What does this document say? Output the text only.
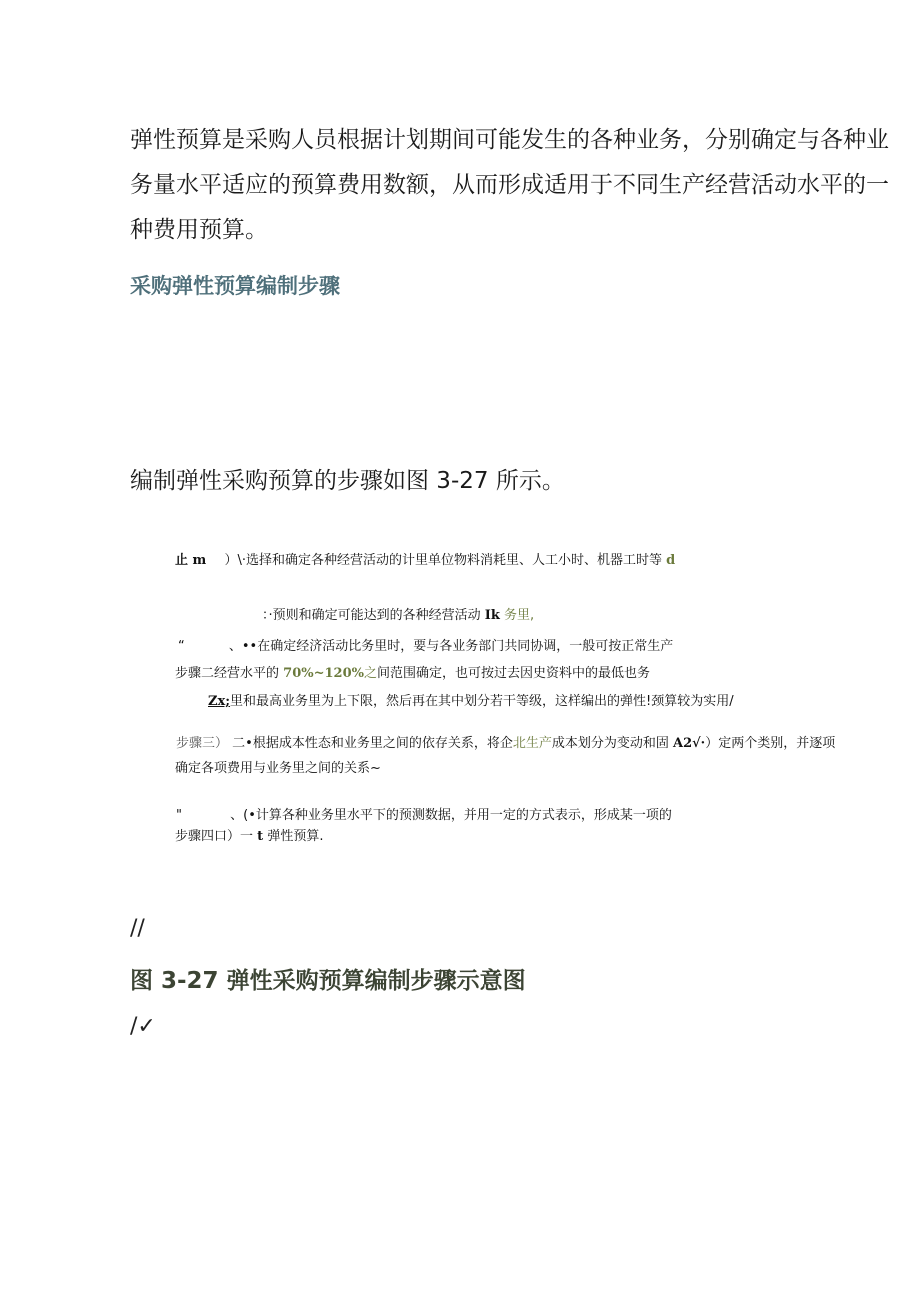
弹性预算是采购人员根据计划期间可能发生的各种业务，分别确定与各种业
务量水平适应的预算费用数额，从而形成适用于不同生产经营活动水平的一
种费用预算。
采购弹性预算编制步骤
编制弹性采购预算的步骤如图 3-27 所示。
止 m ）\·选择和确定各种经营活动的计里单位物料消耗里、人工小时、机器工时等 d
：·预则和确定可能达到的各种经营活动 Ik 务里,
“	、••在确定经济活动比务里时，要与各业务部门共同协调，一般可按正常生产
步骤二经营水平的 70%~120%之间范围确定，也可按过去因史资料中的最低也务
Zx;里和最高业务里为上下限，然后再在其中划分若干等级，这样编出的弹性!颈算较为实用/
步骤三） 二•根据成本性态和业务里之间的依存关系，将企北生产成本划分为变动和固 A2√·）定两个类别，并逐项
确定各项费用与业务里之间的关系~
"	、(•计算各种业务里水平下的预测数据，并用一定的方式表示，形成某一项的
步骤四口）一 t 弹性预算.
//
图 3-27 弹性采购预算编制步骤示意图
/✓
